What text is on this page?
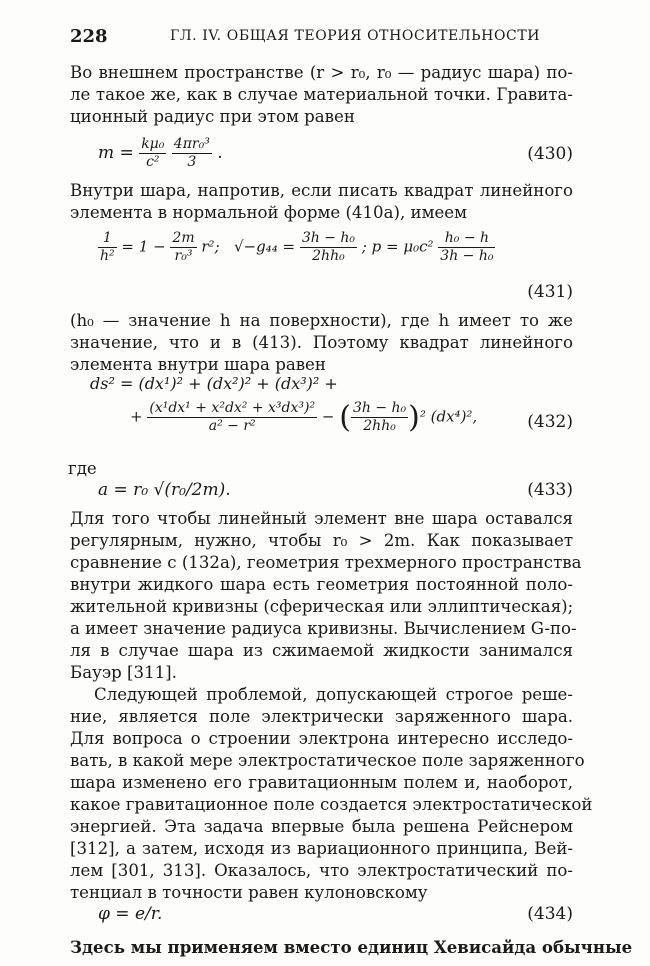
228	ГЛ. IV. ОБЩАЯ ТЕОРИЯ ОТНОСИТЕЛЬНОСТИ
Во внешнем пространстве (r > r₀, r₀ — радиус шара) по-
ле такое же, как в случае материальной точки. Гравита-
ционный радиус при этом равен
$m = \frac{\text{kμ₀}}{\text{c²}}$
$\frac{\text{4πr₀³}}{3}$ .	(430)
Внутри шара, напротив, если писать квадрат линейного
элемента в нормальной форме (410а), имеем
$\frac{1}{\text{h²}} = 1 - \frac{2m}{\text{r₀³}} r^2$; $√-g_{44} = \frac{\text{3h − h₀}}{\text{2hh₀}}$ ; $p = \mu_0c^2 \frac{\text{h₀ − h}}{\text{3h − h₀}}$
(431)
(h₀ — значение h на поверхности), где h имеет то же
значение, что и в (413). Поэтому квадрат линейного
элемента внутри шара равен
ds² = (dx¹)² + (dx²)² + (dx³)² +
+ $\frac{\text{(x¹dx¹ + x²dx² + x³dx³)²}}{\text{a² − r²}}$ − ( $\frac{\text{3h − h₀}}{\text{2hh₀}} )^2$ (dx⁴)²,	(432)
где
a = r₀ √(r₀/2m).	(433)
Для того чтобы линейный элемент вне шара оставался
регулярным, нужно, чтобы r₀ > 2m. Как показывает
сравнение с (132а), геометрия трехмерного пространства
внутри жидкого шара есть геометрия постоянной поло-
жительной кривизны (сферическая или эллиптическая);
a имеет значение радиуса кривизны. Вычислением G-по-
ля в случае шара из сжимаемой жидкости занимался
Бауэр [311].
Следующей проблемой, допускающей строгое реше-
ние, является поле электрически заряженного шара.
Для вопроса о строении электрона интересно исследо-
вать, в какой мере электростатическое поле заряженного
шара изменено его гравитационным полем и, наоборот,
какое гравитационное поле создается электростатической
энергией. Эта задача впервые была решена Рейснером
[312], а затем, исходя из вариационного принципа, Вей-
лем [301, 313]. Оказалось, что электростатический по-
тенциал в точности равен кулоновскому
φ = e/r.	(434)
Здесь мы применяем вместо единиц Хевисайда обычные
